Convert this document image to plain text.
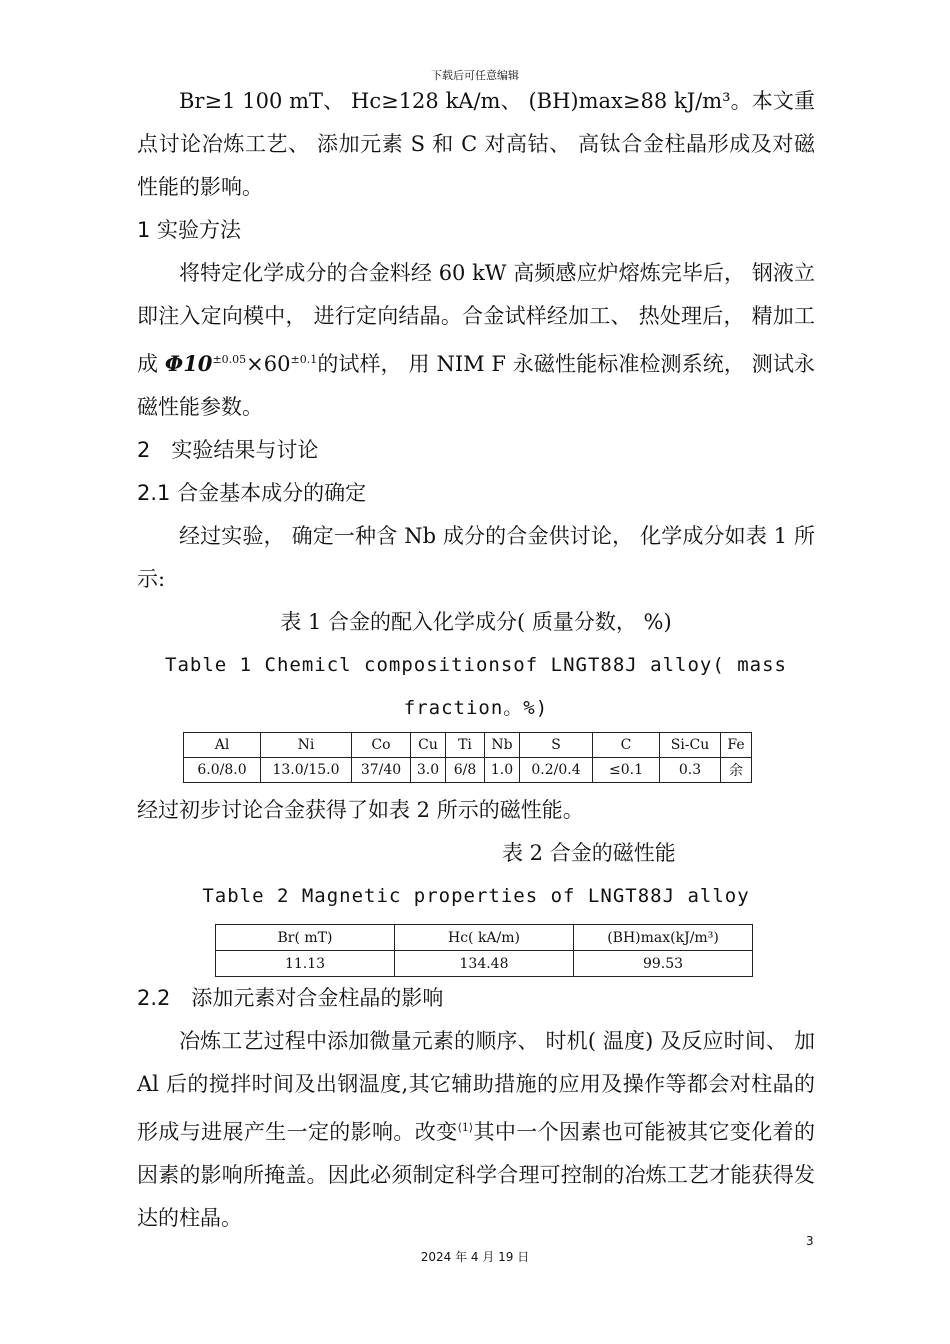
下载后可任意编辑

Br≥1 100 mT、 Hc≥128 kA/m、 (BH)max≥88 kJ/m³。本文重点讨论冶炼工艺、 添加元素 S 和 C 对高钴、 高钛合金柱晶形成及对磁性能的影响。

1 实验方法

将特定化学成分的合金料经 60 kW 高频感应炉熔炼完毕后， 钢液立即注入定向模中， 进行定向结晶。合金试样经加工、 热处理后， 精加工成 $\Phi 10^{\pm 0.05}\times 60^{\pm 0.1}$的试样， 用 NIM F 永磁性能标准检测系统， 测试永磁性能参数。

2　实验结果与讨论
2.1 合金基本成分的确定

经过实验， 确定一种含 Nb 成分的合金供讨论， 化学成分如表 1 所示:

表 1 合金的配入化学成分( 质量分数， %)
Table 1 Chemicl compositionsof LNGT88J alloy( mass
fraction。%)
Al	Ni	Co	Cu	Ti	Nb	S	C	Si-Cu	Fe
6.0/8.0	13.0/15.0	37/40	3.0	6/8	1.0	0.2/0.4	≤0.1	0.3	余

经过初步讨论合金获得了如表 2 所示的磁性能。

表 2 合金的磁性能
Table 2 Magnetic properties of LNGT88J alloy
Br( mT)	Hc( kA/m)	(BH)max(kJ/m³)
11.13	134.48	99.53
2.2　添加元素对合金柱晶的影响

冶炼工艺过程中添加微量元素的顺序、 时机( 温度) 及反应时间、 加 Al 后的搅拌时间及出钢温度,其它辅助措施的应用及操作等都会对柱晶的形成与进展产生一定的影响。改变$^{⟨1⟩}$其中一个因素也可能被其它变化着的因素的影响所掩盖。因此必须制定科学合理可控制的冶炼工艺才能获得发达的柱晶。

3
2024 年 4 月 19 日
